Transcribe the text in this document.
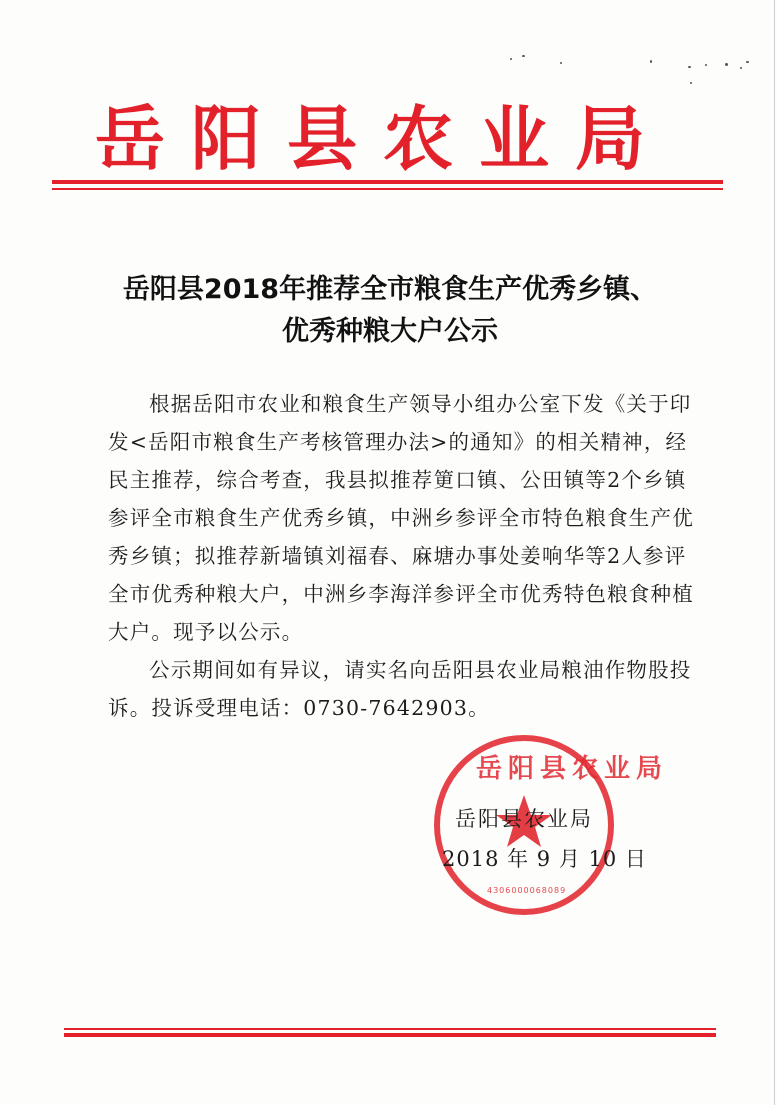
岳阳县农业局
岳阳县2018年推荐全市粮食生产优秀乡镇、
优秀种粮大户公示

根据岳阳市农业和粮食生产领导小组办公室下发《关于印发<岳阳市粮食生产考核管理办法>的通知》的相关精神，经民主推荐，综合考查，我县拟推荐筻口镇、公田镇等2个乡镇参评全市粮食生产优秀乡镇，中洲乡参评全市特色粮食生产优秀乡镇；拟推荐新墙镇刘福春、麻塘办事处姜响华等2人参评全市优秀种粮大户，中洲乡李海洋参评全市优秀特色粮食种植大户。现予以公示。

公示期间如有异议，请实名向岳阳县农业局粮油作物股投诉。投诉受理电话：0730-7642903。

岳阳县农业局
4306000068089
岳阳县农业局
2018 年 9 月 10 日
